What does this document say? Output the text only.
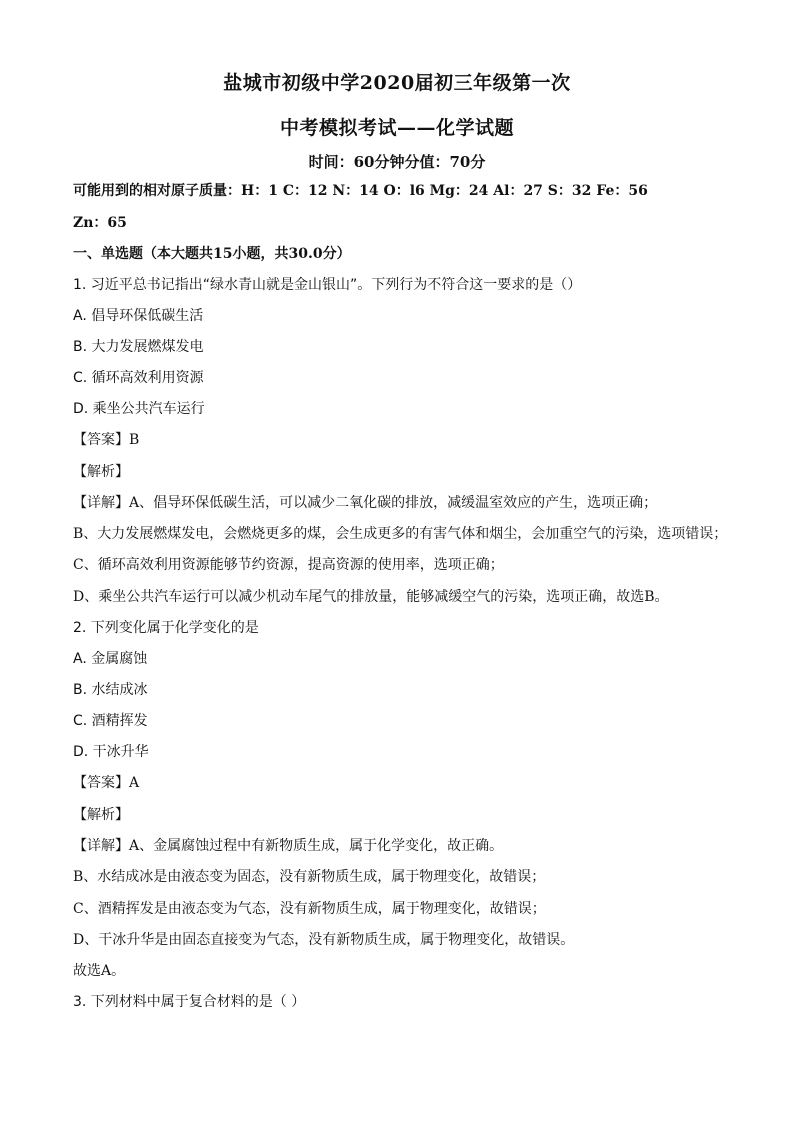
盐城市初级中学2020届初三年级第一次
中考模拟考试——化学试题
时间：60分钟分值：70分
可能用到的相对原子质量：H：1 C：12 N：14 O：l6 Mg：24 Al：27 S：32 Fe：56
Zn：65
一、单选题（本大题共15小题，共30.0分）
1. 习近平总书记指出“绿水青山就是金山银山”。下列行为不符合这一要求的是（）
A. 倡导环保低碳生活
B. 大力发展燃煤发电
C. 循环高效利用资源
D. 乘坐公共汽车运行
【答案】B
【解析】
【详解】A、倡导环保低碳生活，可以减少二氧化碳的排放，减缓温室效应的产生，选项正确；
B、大力发展燃煤发电，会燃烧更多的煤，会生成更多的有害气体和烟尘，会加重空气的污染，选项错误；
C、循环高效利用资源能够节约资源，提高资源的使用率，选项正确；
D、乘坐公共汽车运行可以减少机动车尾气的排放量，能够减缓空气的污染，选项正确，故选B。
2. 下列变化属于化学变化的是
A. 金属腐蚀
B. 水结成冰
C. 酒精挥发
D. 干冰升华
【答案】A
【解析】
【详解】A、金属腐蚀过程中有新物质生成，属于化学变化，故正确。
B、水结成冰是由液态变为固态，没有新物质生成，属于物理变化，故错误；
C、酒精挥发是由液态变为气态，没有新物质生成，属于物理变化，故错误；
D、干冰升华是由固态直接变为气态，没有新物质生成，属于物理变化，故错误。
故选A。
3. 下列材料中属于复合材料的是（ ）
